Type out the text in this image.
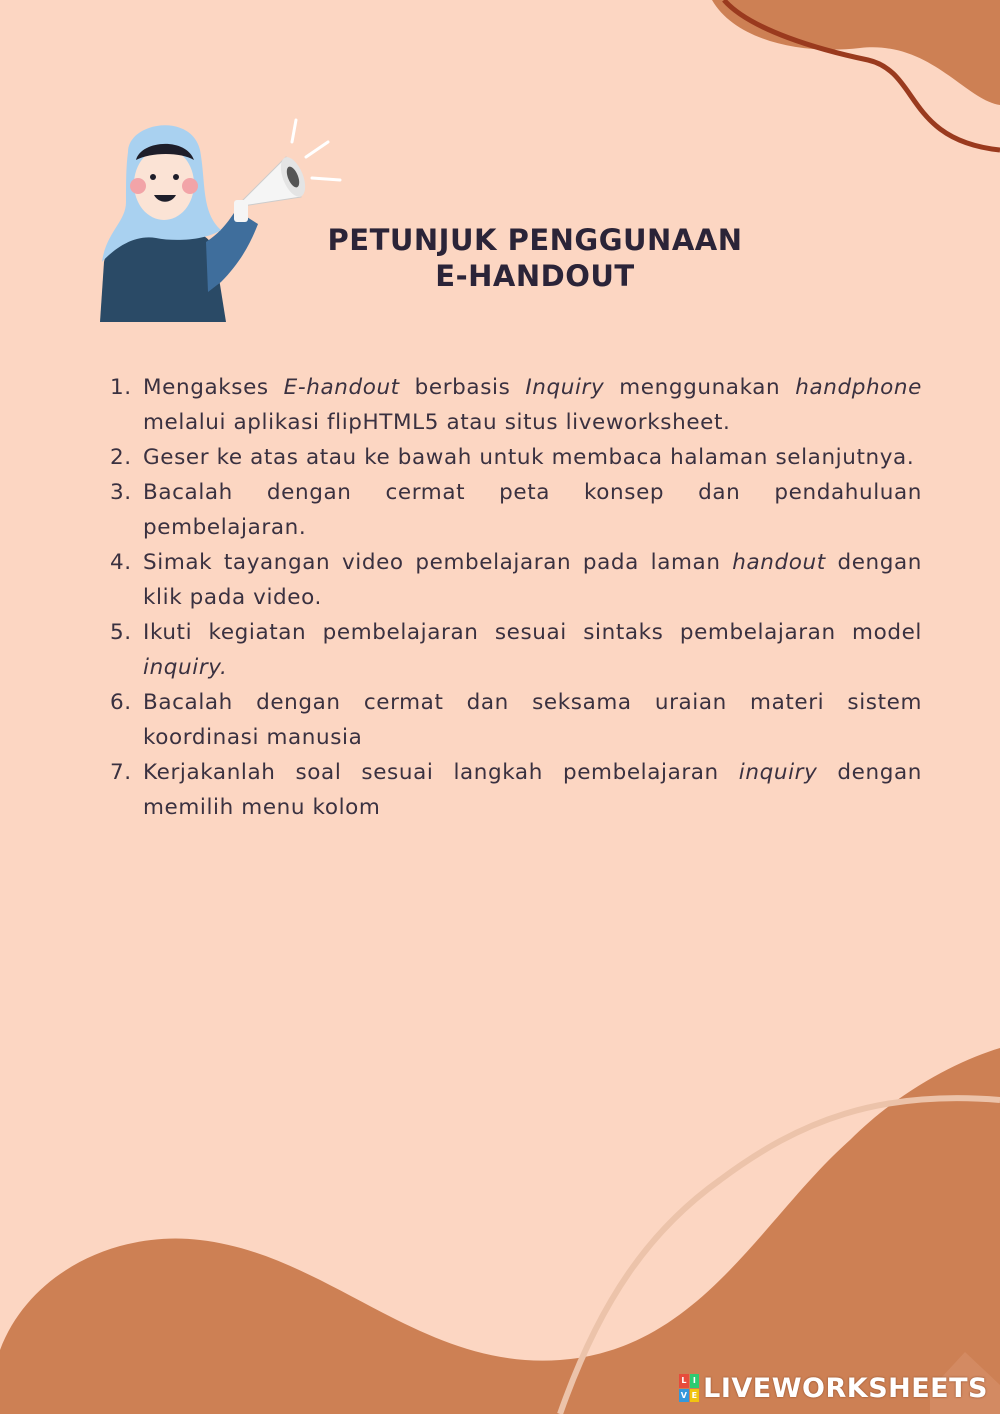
PETUNJUK PENGGUNAAN
E-HANDOUT
1. Mengakses E-handout berbasis Inquiry menggunakan handphone melalui aplikasi flipHTML5 atau situs liveworksheet.
2. Geser ke atas atau ke bawah untuk membaca halaman selanjutnya.
3. Bacalah dengan cermat peta konsep dan pendahuluan pembelajaran.
4. Simak tayangan video pembelajaran pada laman handout dengan klik pada video.
5. Ikuti kegiatan pembelajaran sesuai sintaks pembelajaran model inquiry.
6. Bacalah dengan cermat dan seksama uraian materi sistem koordinasi manusia
7. Kerjakanlah soal sesuai langkah pembelajaran inquiry dengan memilih menu kolom
L I
V E LIVEWORKSHEETS
